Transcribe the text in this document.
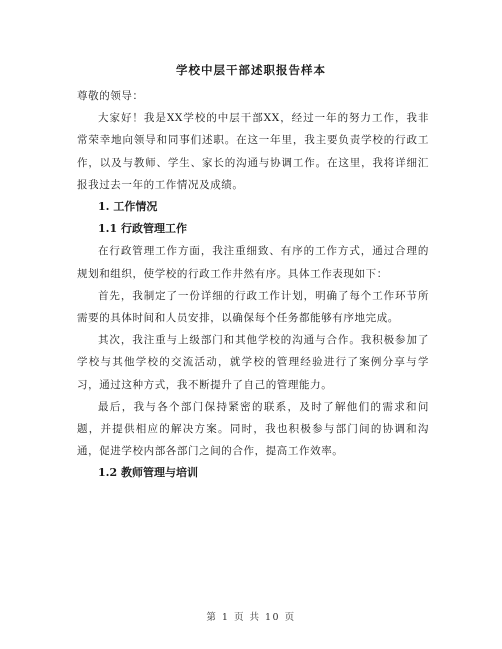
学校中层干部述职报告样本

尊敬的领导：

大家好！我是XX学校的中层干部XX，经过一年的努力工作，我非常荣幸地向领导和同事们述职。在这一年里，我主要负责学校的行政工作，以及与教师、学生、家长的沟通与协调工作。在这里，我将详细汇报我过去一年的工作情况及成绩。

1. 工作情况

1.1 行政管理工作

在行政管理工作方面，我注重细致、有序的工作方式，通过合理的规划和组织，使学校的行政工作井然有序。具体工作表现如下：

首先，我制定了一份详细的行政工作计划，明确了每个工作环节所需要的具体时间和人员安排，以确保每个任务都能够有序地完成。

其次，我注重与上级部门和其他学校的沟通与合作。我积极参加了学校与其他学校的交流活动，就学校的管理经验进行了案例分享与学习，通过这种方式，我不断提升了自己的管理能力。

最后，我与各个部门保持紧密的联系，及时了解他们的需求和问题，并提供相应的解决方案。同时，我也积极参与部门间的协调和沟通，促进学校内部各部门之间的合作，提高工作效率。

1.2 教师管理与培训

第 1 页 共 10 页
